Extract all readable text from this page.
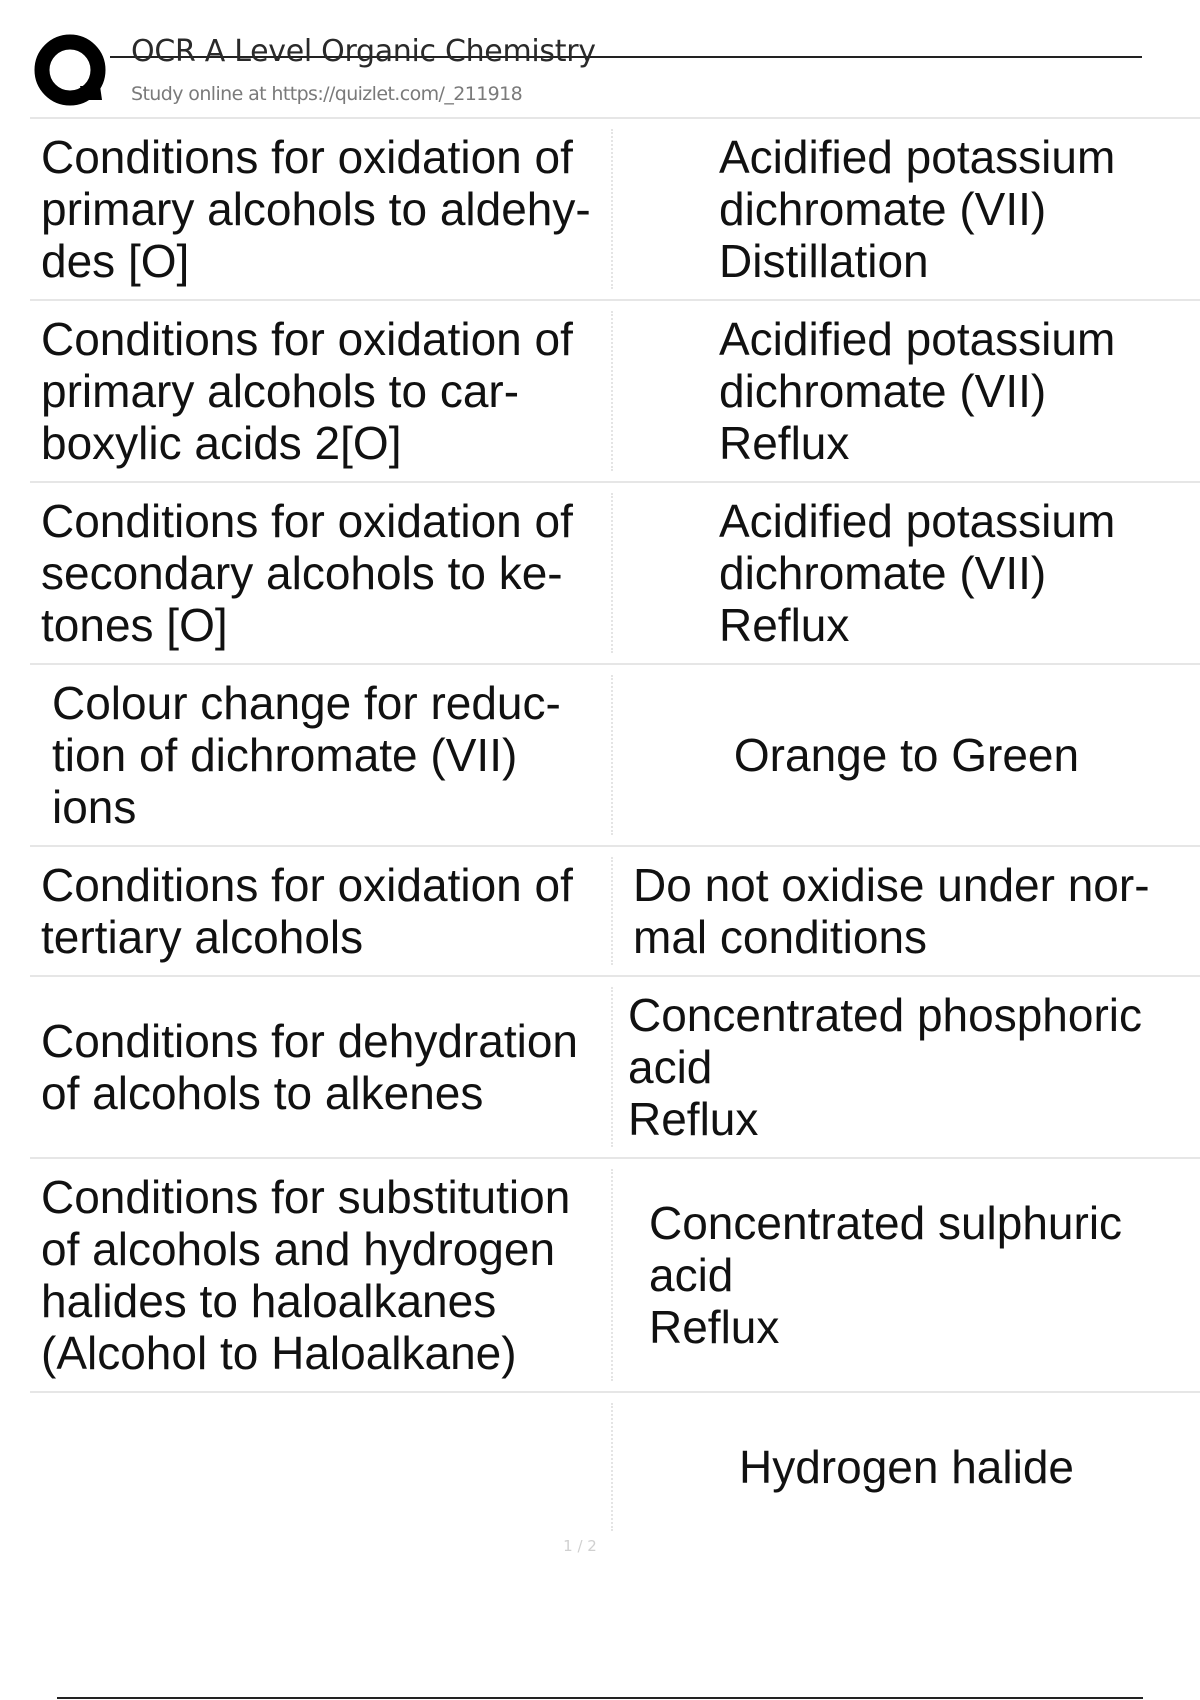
OCR A Level Organic Chemistry
Study online at https://quizlet.com/_211918
Conditions for oxidation of
primary alcohols to aldehy-
des [O]
Acidified potassium
dichromate (VII)
Distillation
Conditions for oxidation of
primary alcohols to car-
boxylic acids 2[O]
Acidified potassium
dichromate (VII)
Reflux
Conditions for oxidation of
secondary alcohols to ke-
tones [O]
Acidified potassium
dichromate (VII)
Reflux
Colour change for reduc-
tion of dichromate (VII)
ions
Orange to Green
Conditions for oxidation of
tertiary alcohols
Do not oxidise under nor-
mal conditions
Conditions for dehydration
of alcohols to alkenes
Concentrated phosphoric
acid
Reflux
Conditions for substitution
of alcohols and hydrogen
halides to haloalkanes
(Alcohol to Haloalkane)
Concentrated sulphuric
acid
Reflux
Hydrogen halide
1 / 2
